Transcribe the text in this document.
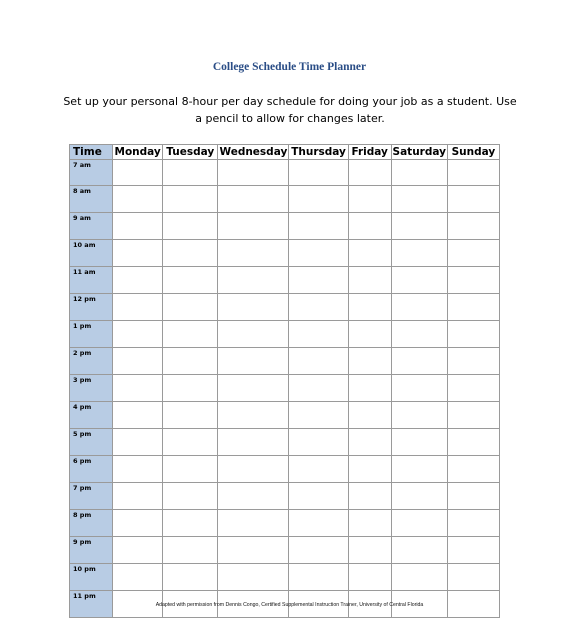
College Schedule Time Planner
Set up your personal 8-hour per day schedule for doing your job as a student. Use a pencil to allow for changes later.
Time	Monday	Tuesday	Wednesday	Thursday	Friday	Saturday	Sunday
7 am							
8 am							
9 am							
10 am							
11 am							
12 pm							
1 pm							
2 pm							
3 pm							
4 pm							
5 pm							
6 pm							
7 pm							
8 pm							
9 pm							
10 pm							
11 pm							
Adapted with permission from Dennis Congo, Certified Supplemental Instruction Trainer, University of Central Florida
